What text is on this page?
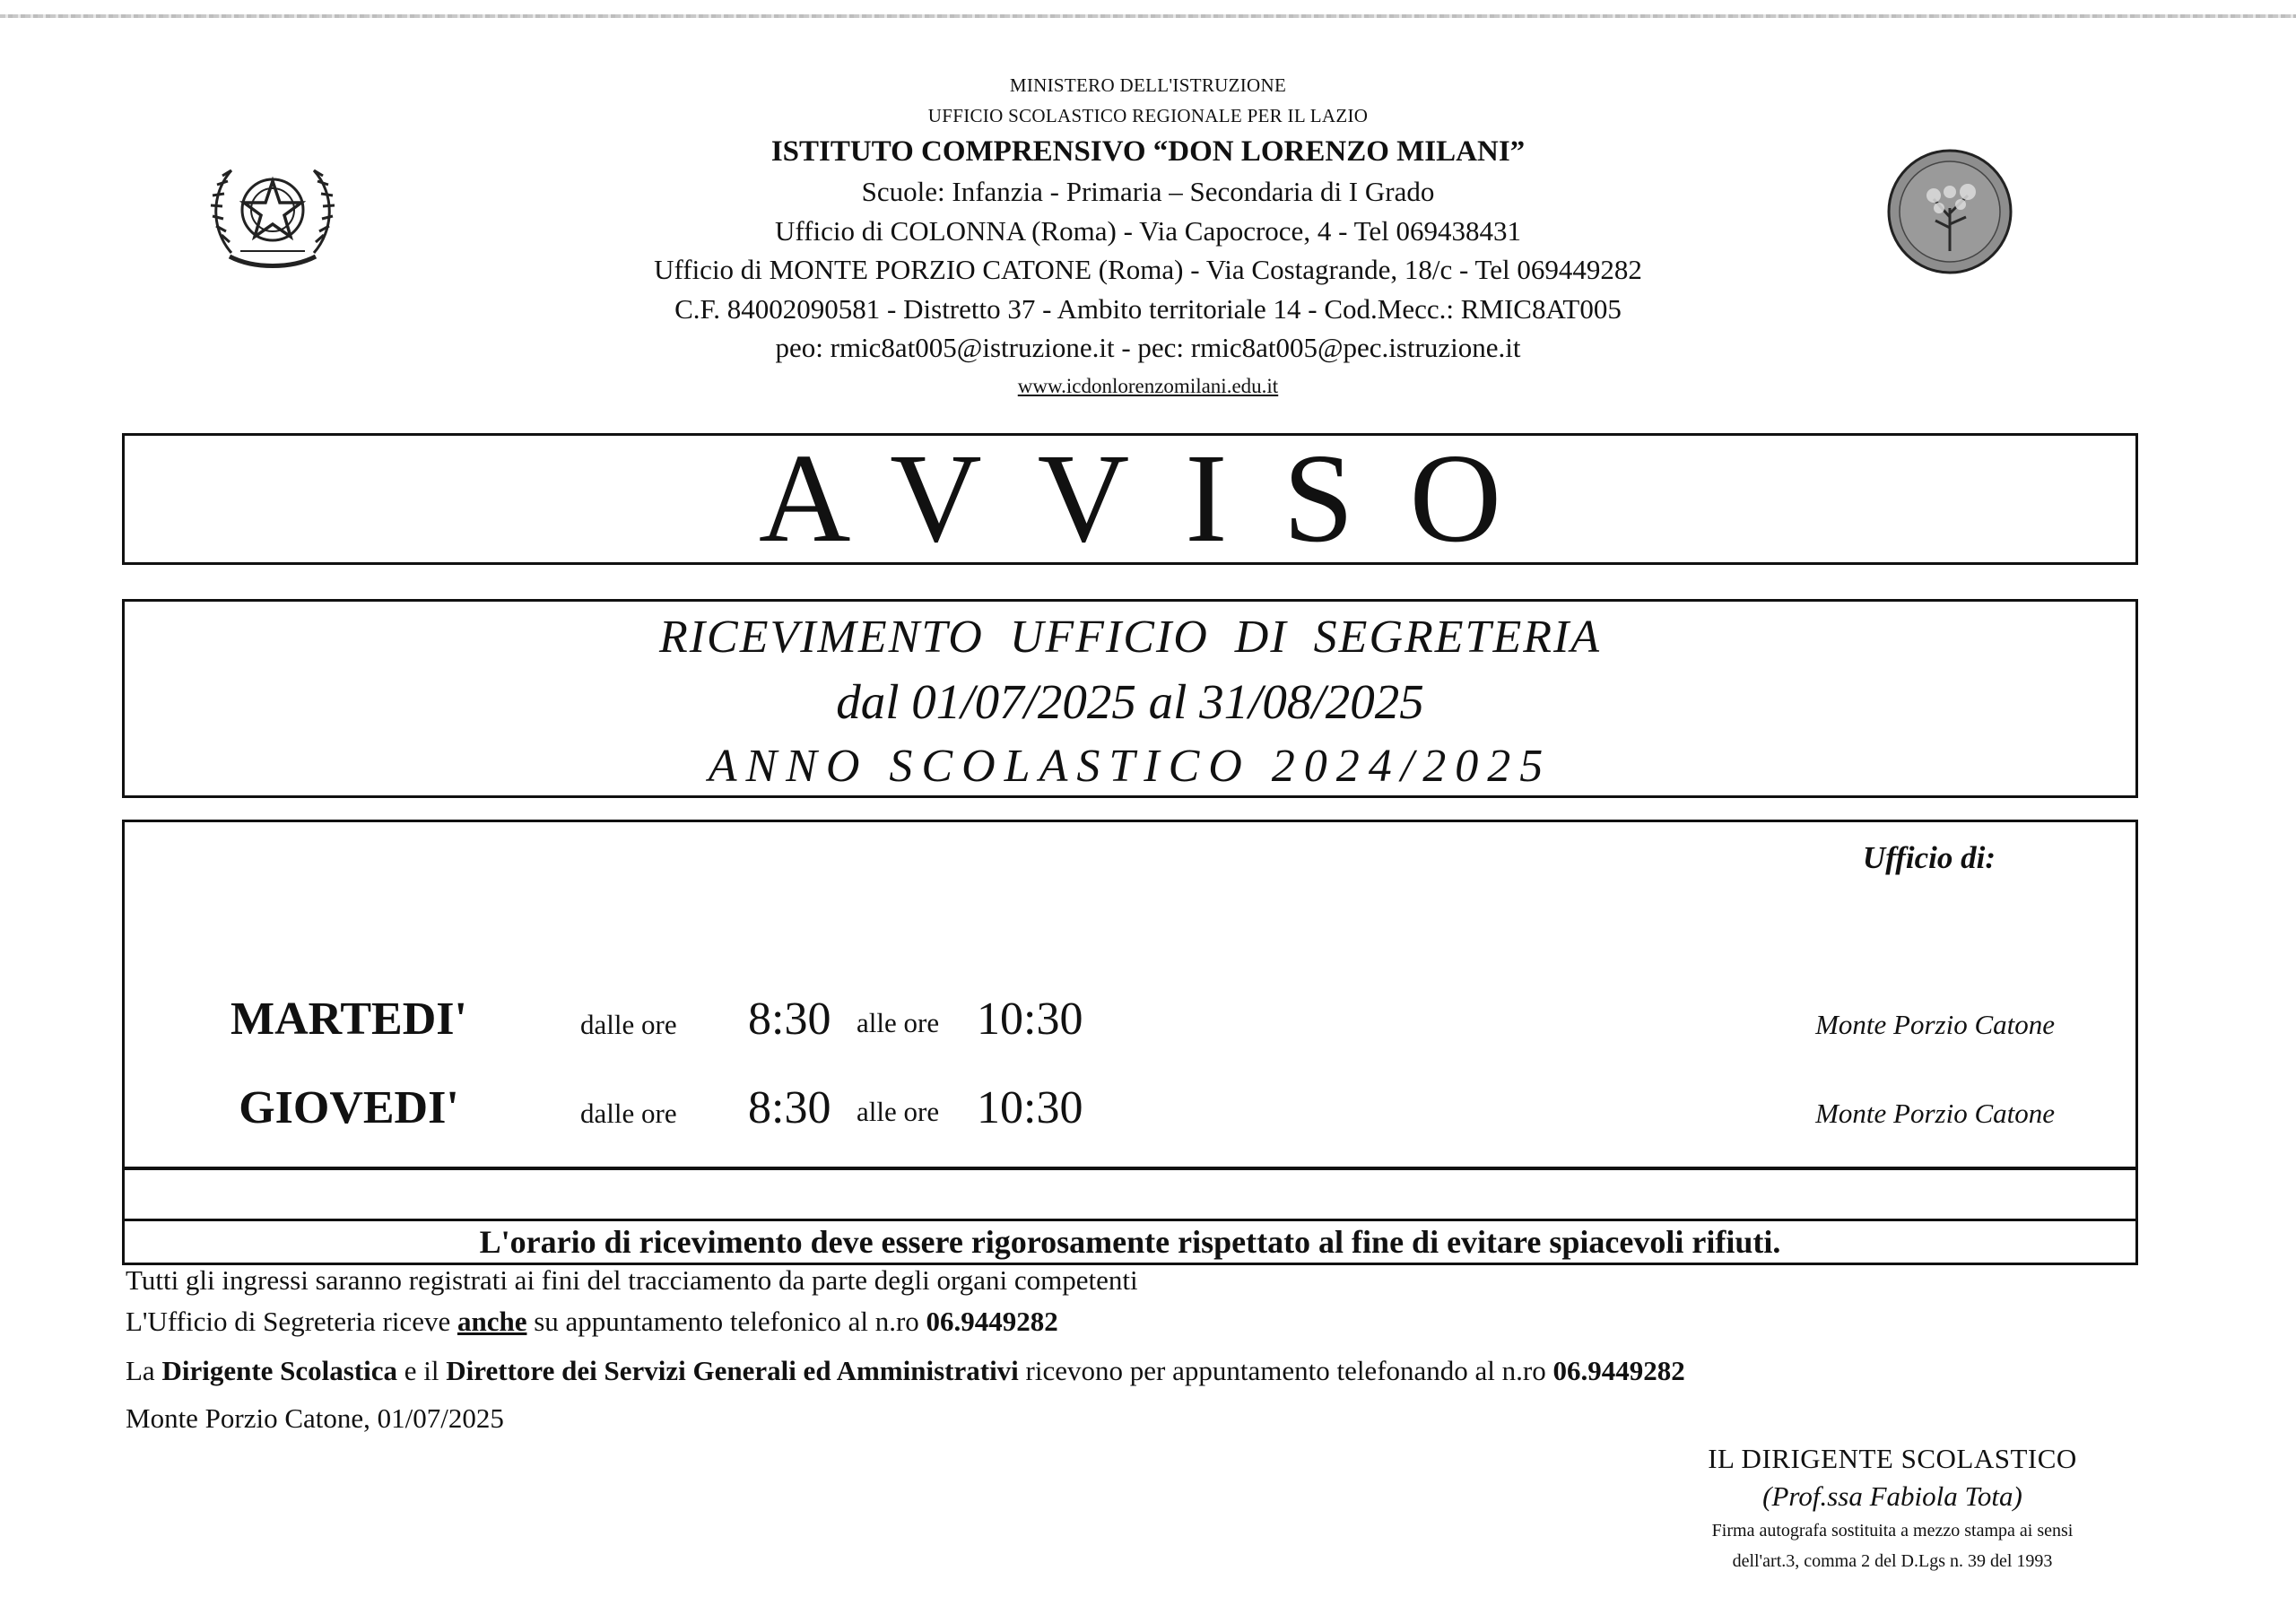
MINISTERO DELL'ISTRUZIONE
UFFICIO SCOLASTICO REGIONALE PER IL LAZIO
ISTITUTO COMPRENSIVO “DON LORENZO MILANI”
Scuole: Infanzia - Primaria – Secondaria di I Grado
Ufficio di COLONNA (Roma) - Via Capocroce, 4 - Tel 069438431
Ufficio di MONTE PORZIO CATONE (Roma) - Via Costagrande, 18/c - Tel 069449282
C.F. 84002090581 - Distretto 37 - Ambito territoriale 14 - Cod.Mecc.: RMIC8AT005
peo: rmic8at005@istruzione.it - pec: rmic8at005@pec.istruzione.it
www.icdonlorenzomilani.edu.it
AVVISO
RICEVIMENTO UFFICIO DI SEGRETERIA
dal 01/07/2025 al 31/08/2025
ANNO SCOLASTICO 2024/2025
Ufficio di:
MARTEDI'	dalle ore 8:30 alle ore 10:30	Monte Porzio Catone
GIOVEDI'	dalle ore 8:30 alle ore 10:30	Monte Porzio Catone
L'orario di ricevimento deve essere rigorosamente rispettato al fine di evitare spiacevoli rifiuti.
Tutti gli ingressi saranno registrati ai fini del tracciamento da parte degli organi competenti
L'Ufficio di Segreteria riceve anche su appuntamento telefonico al n.ro 06.9449282
La Dirigente Scolastica e il Direttore dei Servizi Generali ed Amministrativi ricevono per appuntamento telefonando al n.ro 06.9449282
Monte Porzio Catone, 01/07/2025
IL DIRIGENTE SCOLASTICO
(Prof.ssa Fabiola Tota)
Firma autografa sostituita a mezzo stampa ai sensi
dell'art.3, comma 2 del D.Lgs n. 39 del 1993
